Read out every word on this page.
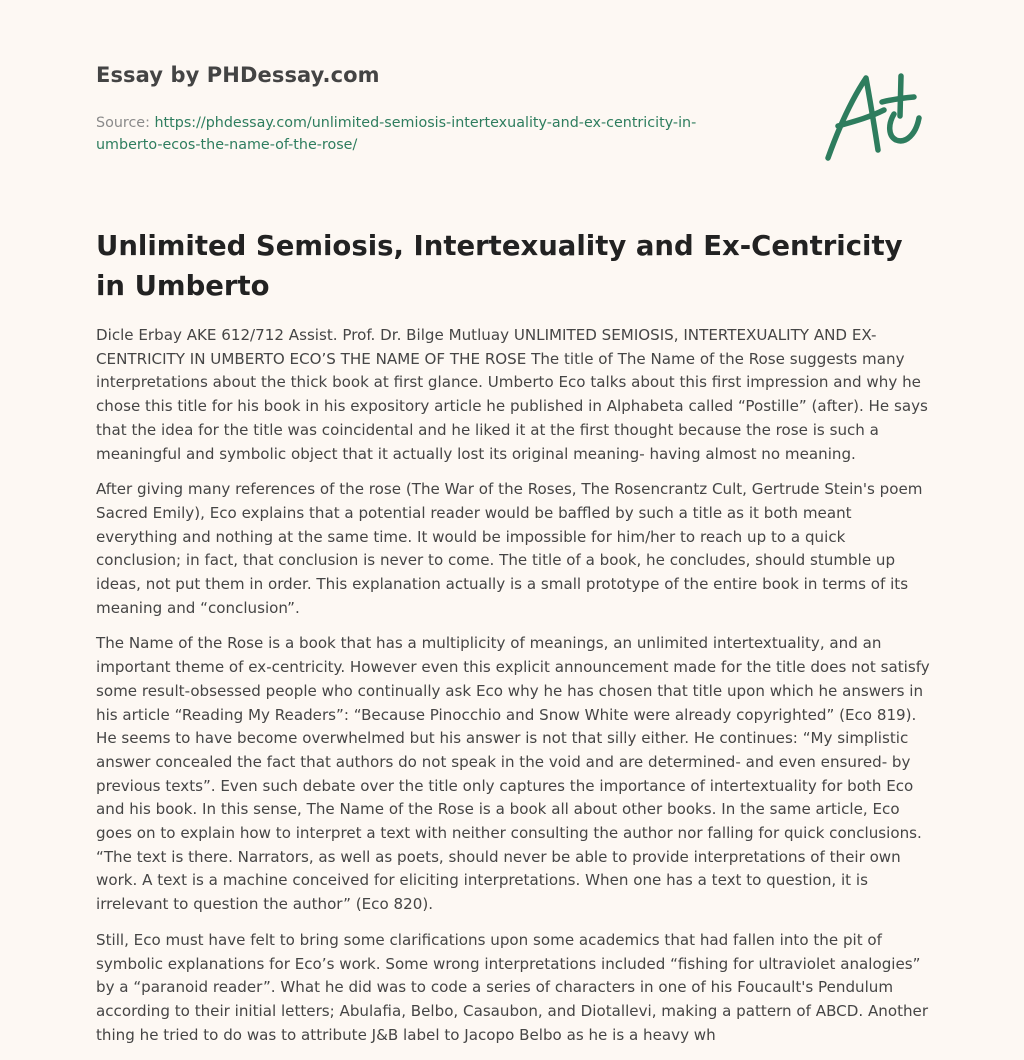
Essay by PHDessay.com
Source: https://phdessay.com/unlimited-semiosis-intertexuality-and-ex-centricity-in-umberto-ecos-the-name-of-the-rose/
Unlimited Semiosis, Intertexuality and Ex-Centricity in Umberto

Dicle Erbay AKE 612/712 Assist. Prof. Dr. Bilge Mutluay UNLIMITED SEMIOSIS, INTERTEXUALITY AND EX-CENTRICITY IN UMBERTO ECO’S THE NAME OF THE ROSE The title of The Name of the Rose suggests many interpretations about the thick book at first glance. Umberto Eco talks about this first impression and why he chose this title for his book in his expository article he published in Alphabeta called “Postille” (after). He says that the idea for the title was coincidental and he liked it at the first thought because the rose is such a meaningful and symbolic object that it actually lost its original meaning- having almost no meaning.

After giving many references of the rose (The War of the Roses, The Rosencrantz Cult, Gertrude Stein's poem Sacred Emily), Eco explains that a potential reader would be baffled by such a title as it both meant everything and nothing at the same time. It would be impossible for him/her to reach up to a quick conclusion; in fact, that conclusion is never to come. The title of a book, he concludes, should stumble up ideas, not put them in order. This explanation actually is a small prototype of the entire book in terms of its meaning and “conclusion”.

The Name of the Rose is a book that has a multiplicity of meanings, an unlimited intertextuality, and an important theme of ex-centricity. However even this explicit announcement made for the title does not satisfy some result-obsessed people who continually ask Eco why he has chosen that title upon which he answers in his article “Reading My Readers”: “Because Pinocchio and Snow White were already copyrighted” (Eco 819). He seems to have become overwhelmed but his answer is not that silly either. He continues: “My simplistic answer concealed the fact that authors do not speak in the void and are determined- and even ensured- by previous texts”. Even such debate over the title only captures the importance of intertextuality for both Eco and his book. In this sense, The Name of the Rose is a book all about other books. In the same article, Eco goes on to explain how to interpret a text with neither consulting the author nor falling for quick conclusions. “The text is there. Narrators, as well as poets, should never be able to provide interpretations of their own work. A text is a machine conceived for eliciting interpretations. When one has a text to question, it is irrelevant to question the author” (Eco 820).

Still, Eco must have felt to bring some clarifications upon some academics that had fallen into the pit of symbolic explanations for Eco’s work. Some wrong interpretations included “fishing for ultraviolet analogies” by a “paranoid reader”. What he did was to code a series of characters in one of his Foucault's Pendulum according to their initial letters; Abulafia, Belbo, Casaubon, and Diotallevi, making a pattern of ABCD. Another thing he tried to do was to attribute J&B label to Jacopo Belbo as he is a heavy wh
